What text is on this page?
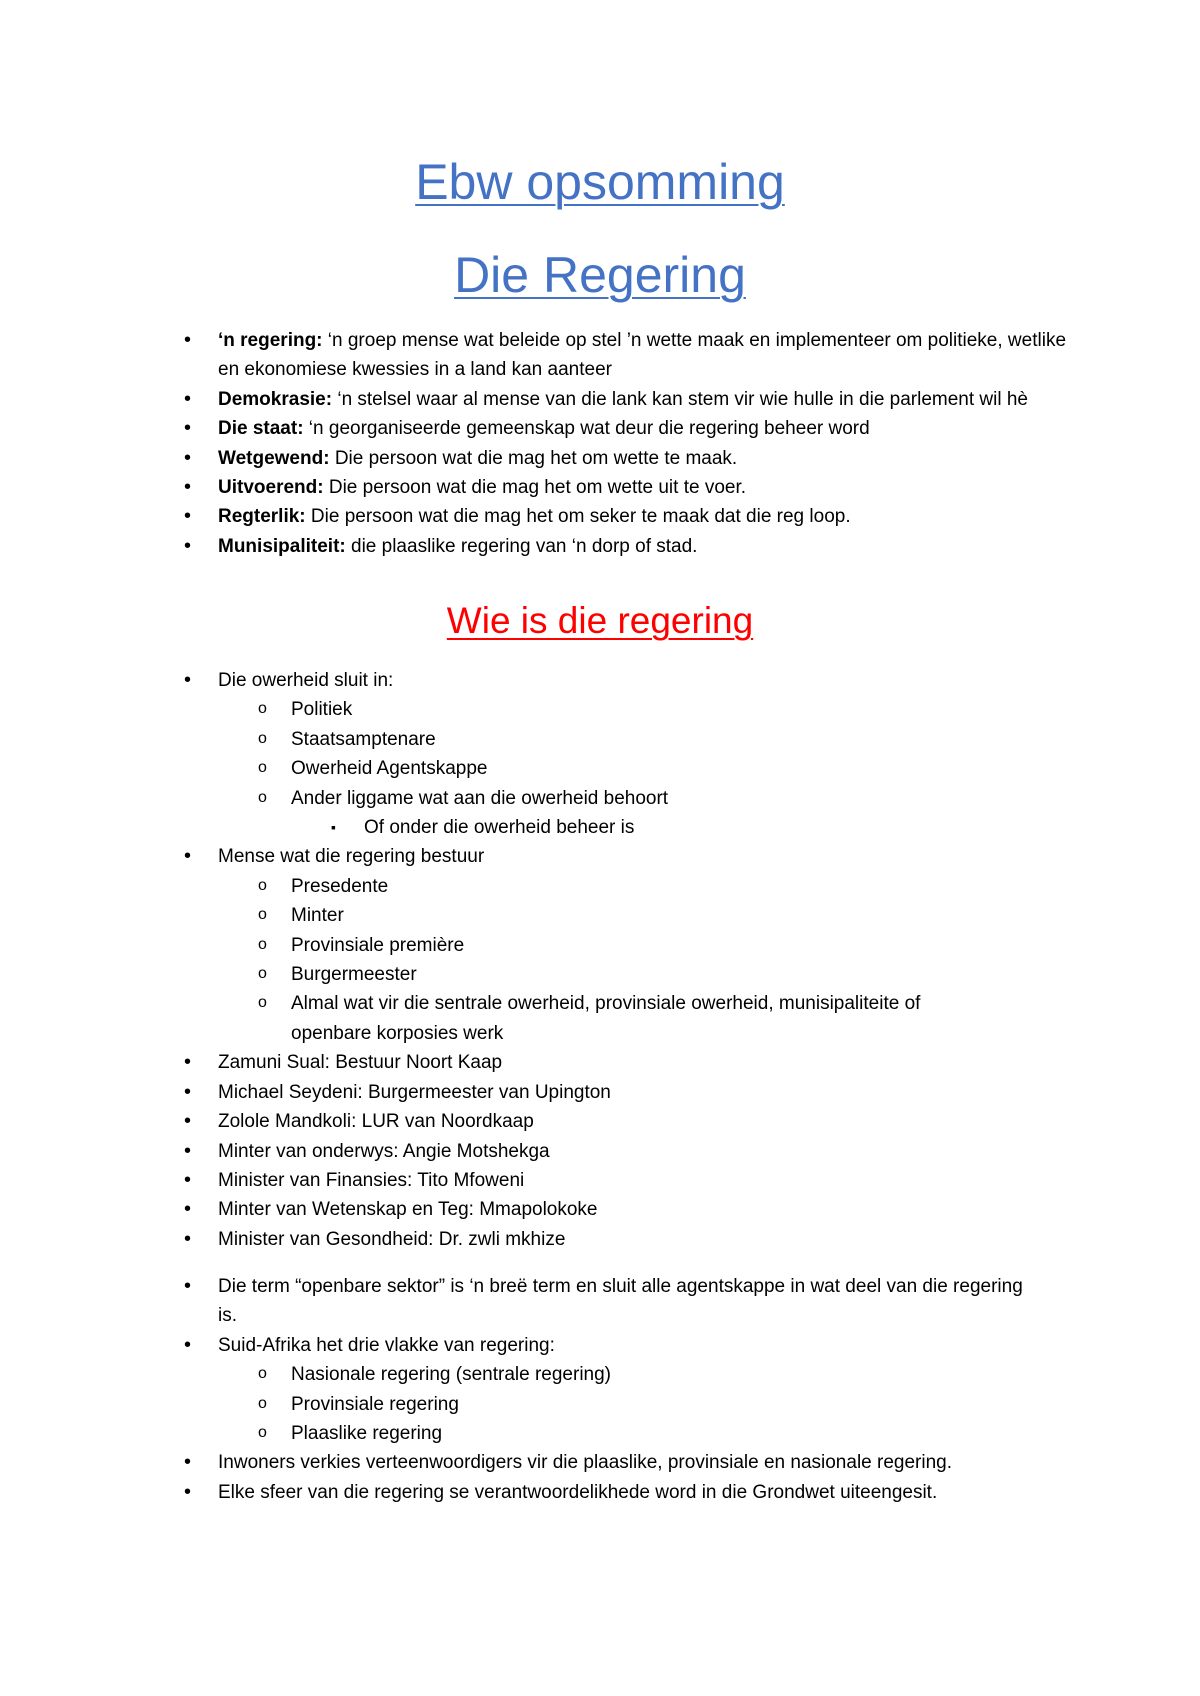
Ebw opsomming
Die Regering
• ‘n regering: ‘n groep mense wat beleide op stel ’n wette maak en implementeer om politieke, wetlike en ekonomiese kwessies in a land kan aanteer
• Demokrasie: ‘n stelsel waar al mense van die lank kan stem vir wie hulle in die parlement wil hè
• Die staat: ‘n georganiseerde gemeenskap wat deur die regering beheer word
• Wetgewend: Die persoon wat die mag het om wette te maak.
• Uitvoerend: Die persoon wat die mag het om wette uit te voer.
• Regterlik: Die persoon wat die mag het om seker te maak dat die reg loop.
• Munisipaliteit: die plaaslike regering van ‘n dorp of stad.
Wie is die regering
• Die owerheid sluit in:
o Politiek
o Staatsamptenare
o Owerheid Agentskappe
o Ander liggame wat aan die owerheid behoort
▪ Of onder die owerheid beheer is
• Mense wat die regering bestuur
o Presedente
o Minter
o Provinsiale première
o Burgermeester
o Almal wat vir die sentrale owerheid, provinsiale owerheid, munisipaliteite of openbare korposies werk
• Zamuni Sual: Bestuur Noort Kaap
• Michael Seydeni: Burgermeester van Upington
• Zolole Mandkoli: LUR van Noordkaap
• Minter van onderwys: Angie Motshekga
• Minister van Finansies: Tito Mfoweni
• Minter van Wetenskap en Teg: Mmapolokoke
• Minister van Gesondheid: Dr. zwli mkhize
• Die term “openbare sektor” is ‘n breë term en sluit alle agentskappe in wat deel van die regering is.
• Suid-Afrika het drie vlakke van regering:
o Nasionale regering (sentrale regering)
o Provinsiale regering
o Plaaslike regering
• Inwoners verkies verteenwoordigers vir die plaaslike, provinsiale en nasionale regering.
• Elke sfeer van die regering se verantwoordelikhede word in die Grondwet uiteengesit.
